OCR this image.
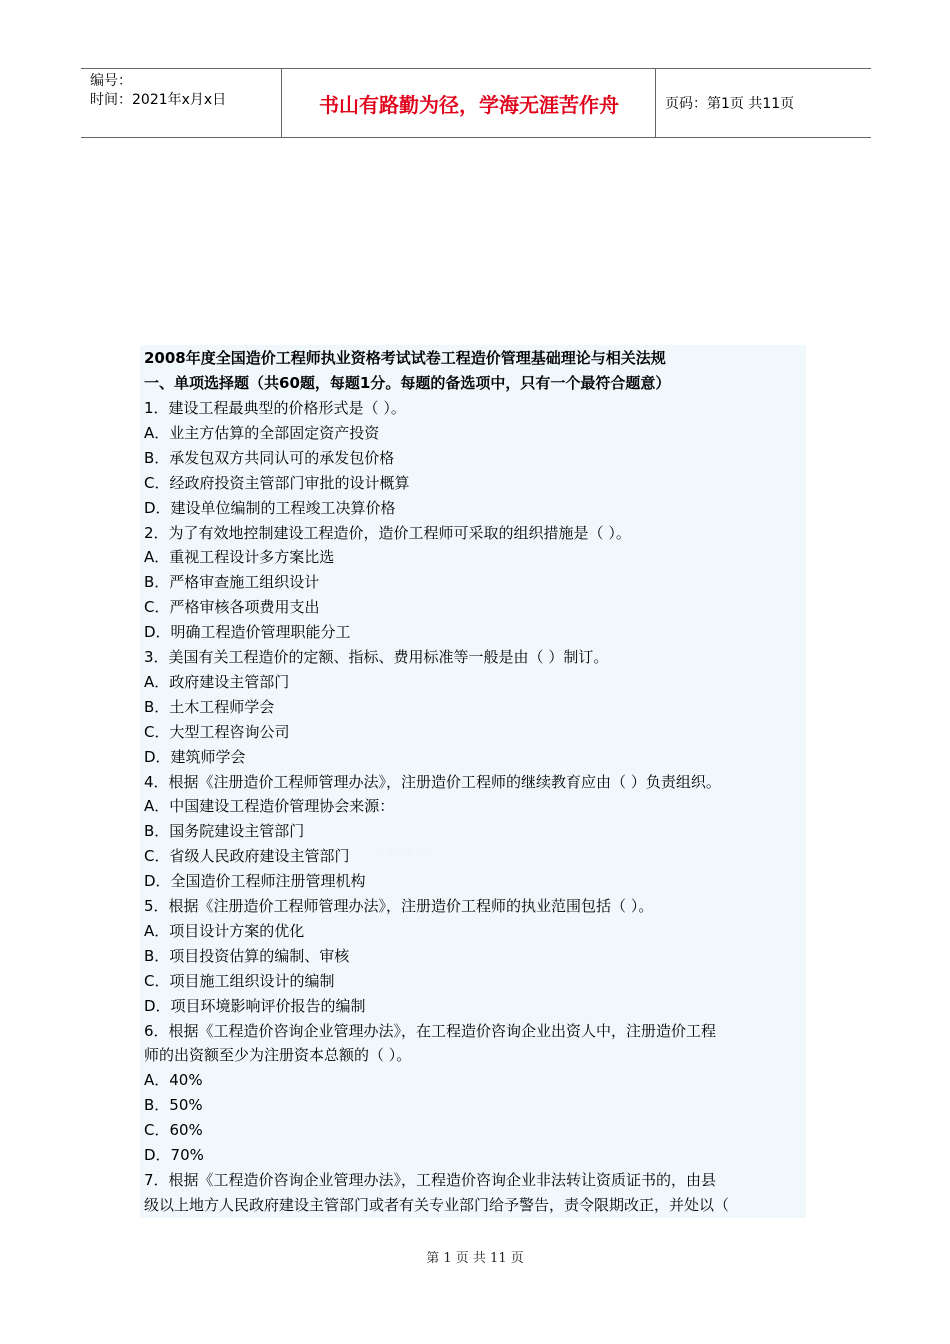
编号：
时间：2021年x月x日	书山有路勤为径，学海无涯苦作舟	页码：第1页 共11页
2008年度全国造价工程师执业资格考试试卷工程造价管理基础理论与相关法规
一、单项选择题（共60题，每题1分。每题的备选项中，只有一个最符合题意）
1．建设工程最典型的价格形式是（ ）。
A．业主方估算的全部固定资产投资
B．承发包双方共同认可的承发包价格
C．经政府投资主管部门审批的设计概算
D．建设单位编制的工程竣工决算价格
2．为了有效地控制建设工程造价，造价工程师可采取的组织措施是（ ）。
A．重视工程设计多方案比选
B．严格审查施工组织设计
C．严格审核各项费用支出
D．明确工程造价管理职能分工
3．美国有关工程造价的定额、指标、费用标准等一般是由（ ）制订。
A．政府建设主管部门
B．土木工程师学会
C．大型工程咨询公司
D．建筑师学会
4．根据《注册造价工程师管理办法》，注册造价工程师的继续教育应由（ ）负责组织。
A．中国建设工程造价管理协会来源：
B．国务院建设主管部门
C．省级人民政府建设主管部门
D．全国造价工程师注册管理机构
5．根据《注册造价工程师管理办法》，注册造价工程师的执业范围包括（ ）。
A．项目设计方案的优化
B．项目投资估算的编制、审核
C．项目施工组织设计的编制
D．项目环境影响评价报告的编制
6．根据《工程造价咨询企业管理办法》，在工程造价咨询企业出资人中，注册造价工程
师的出资额至少为注册资本总额的（ ）。
A．40%
B．50%
C．60%
D．70%
7．根据《工程造价咨询企业管理办法》，工程造价咨询企业非法转让资质证书的，由县
级以上地方人民政府建设主管部门或者有关专业部门给予警告，责令限期改正，并处以（
· · · · · ·
第 1 页 共 11 页
